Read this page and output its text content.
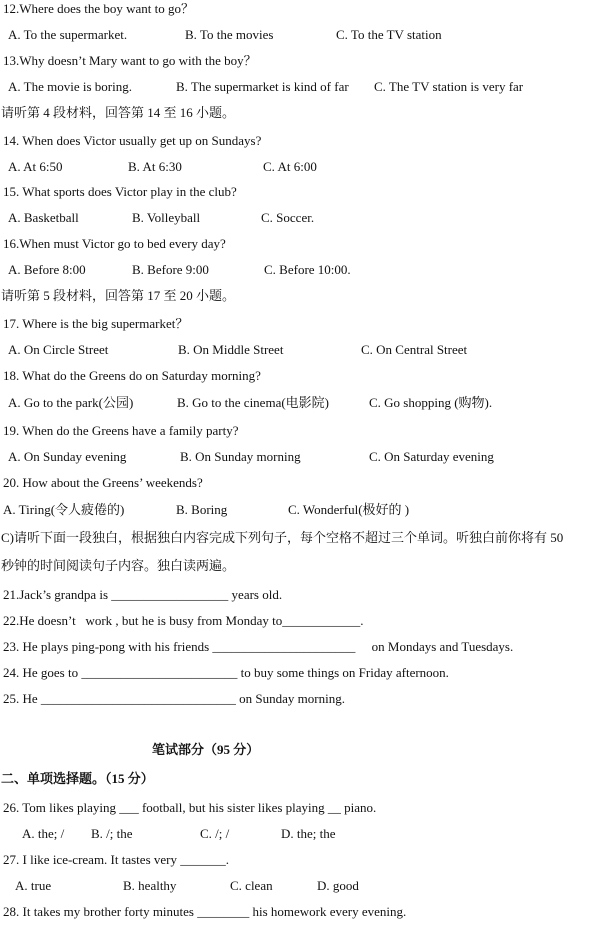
12.Where does the boy want to go？
A. To the supermarket.	B. To the movies	C. To the TV station
13.Why doesn’t Mary want to go with the boy？
A. The movie is boring.	B. The supermarket is kind of far C. The TV station is very far
请听第 4 段材料，回答第 14 至 16 小题。
14. When does Victor usually get up on Sundays?
A. At 6:50	B. At 6:30	C. At 6:00
15. What sports does Victor play in the club?
A. Basketball	B. Volleyball	C. Soccer.
16.When must Victor go to bed every day?
A. Before 8:00	B. Before 9:00	C. Before 10:00.
请听第 5 段材料，回答第 17 至 20 小题。
17. Where is the big supermarket？
A. On Circle Street	B. On Middle Street	C. On Central Street
18. What do the Greens do on Saturday morning?
A. Go to the park(公园)	B. Go to the cinema(电影院)	C. Go shopping (购物).
19. When do the Greens have a family party?
A. On Sunday evening	B. On Sunday morning	C. On Saturday evening
20. How about the Greens’ weekends?
A. Tiring(令人疲倦的)	B. Boring	C. Wonderful(极好的 )
C)请听下面一段独白，根据独白内容完成下列句子，每个空格不超过三个单词。听独白前你将有 50
秒钟的时间阅读句子内容。独白读两遍。
21.Jack’s grandpa is __________________ years old.
22.He doesn’t   work , but he is busy from Monday to____________.
23. He plays ping-pong with his friends ______________________     on Mondays and Tuesdays.
24. He goes to ________________________ to buy some things on Friday afternoon.
25. He ______________________________ on Sunday morning.
笔试部分（95 分）
二、单项选择题。（15 分）
26. Tom likes playing ___ football, but his sister likes playing __ piano.
A. the; / B. /; the	C. /; /	D. the; the
27. I like ice-cream. It tastes very _______.
A. true	B. healthy	C. clean	D. good
28. It takes my brother forty minutes ________ his homework every evening.
